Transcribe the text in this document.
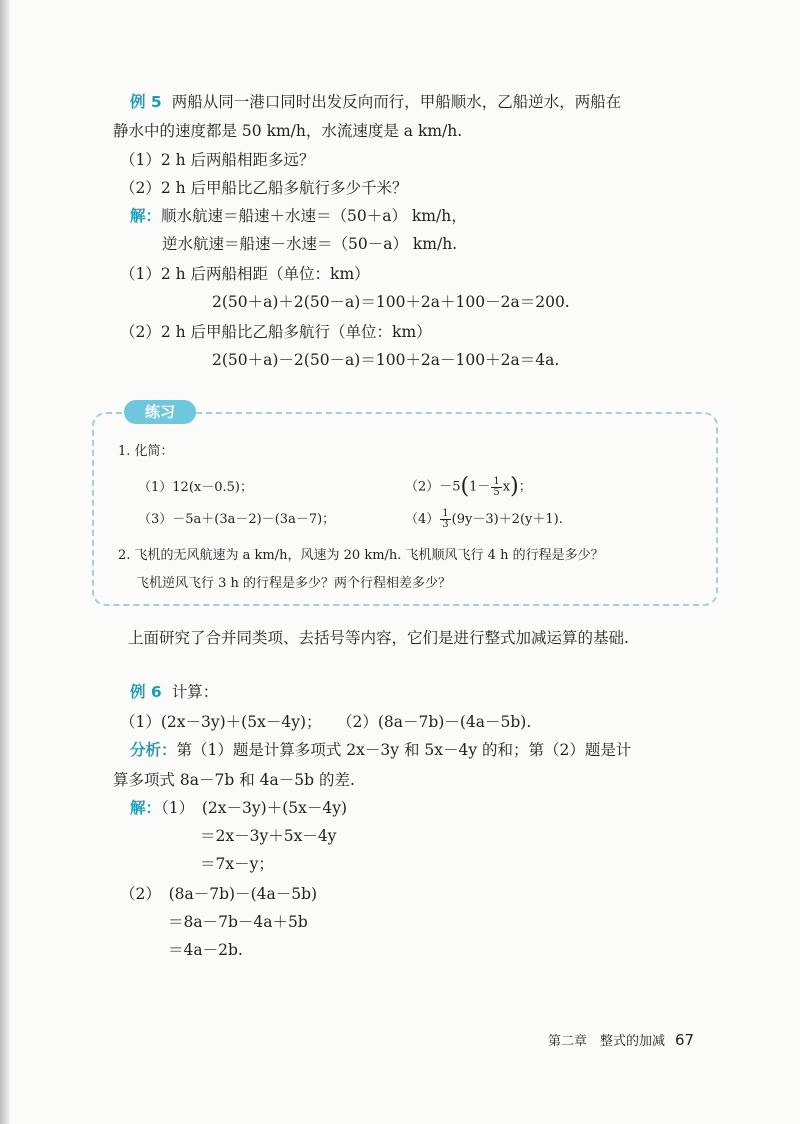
例 5 两船从同一港口同时出发反向而行，甲船顺水，乙船逆水，两船在
静水中的速度都是 50 km/h，水流速度是 a km/h.
（1）2 h 后两船相距多远？
（2）2 h 后甲船比乙船多航行多少千米？
解：顺水航速＝船速＋水速＝（50＋a） km/h，
逆水航速＝船速－水速＝（50－a） km/h.
（1）2 h 后两船相距（单位：km）
2(50＋a)＋2(50－a)＝100＋2a＋100－2a＝200.
（2）2 h 后甲船比乙船多航行（单位：km）
2(50＋a)－2(50－a)＝100＋2a－100＋2a＝4a.
练习
1. 化简：
（1）12(x－0.5)；	$(2)-5(1- \frac{1}{5} x)$；
（3）－5a＋(3a－2)－(3a－7)；	$(4) \frac{1}{3} (9y-3)+2(y+1)$.
2. 飞机的无风航速为 a km/h，风速为 20 km/h. 飞机顺风飞行 4 h 的行程是多少？
飞机逆风飞行 3 h 的行程是多少？两个行程相差多少？
上面研究了合并同类项、去括号等内容，它们是进行整式加减运算的基础.
例 6 计算：
（1）(2x－3y)＋(5x－4y)；　　（2）(8a－7b)－(4a－5b).
分析：第（1）题是计算多项式 2x－3y 和 5x－4y 的和；第（2）题是计
算多项式 8a－7b 和 4a－5b 的差.
解：（1）　(2x－3y)＋(5x－4y)
＝2x－3y＋5x－4y
＝7x－y；
（2）　(8a－7b)－(4a－5b)
＝8a－7b－4a＋5b
＝4a－2b.
第二章　整式的加减 67
